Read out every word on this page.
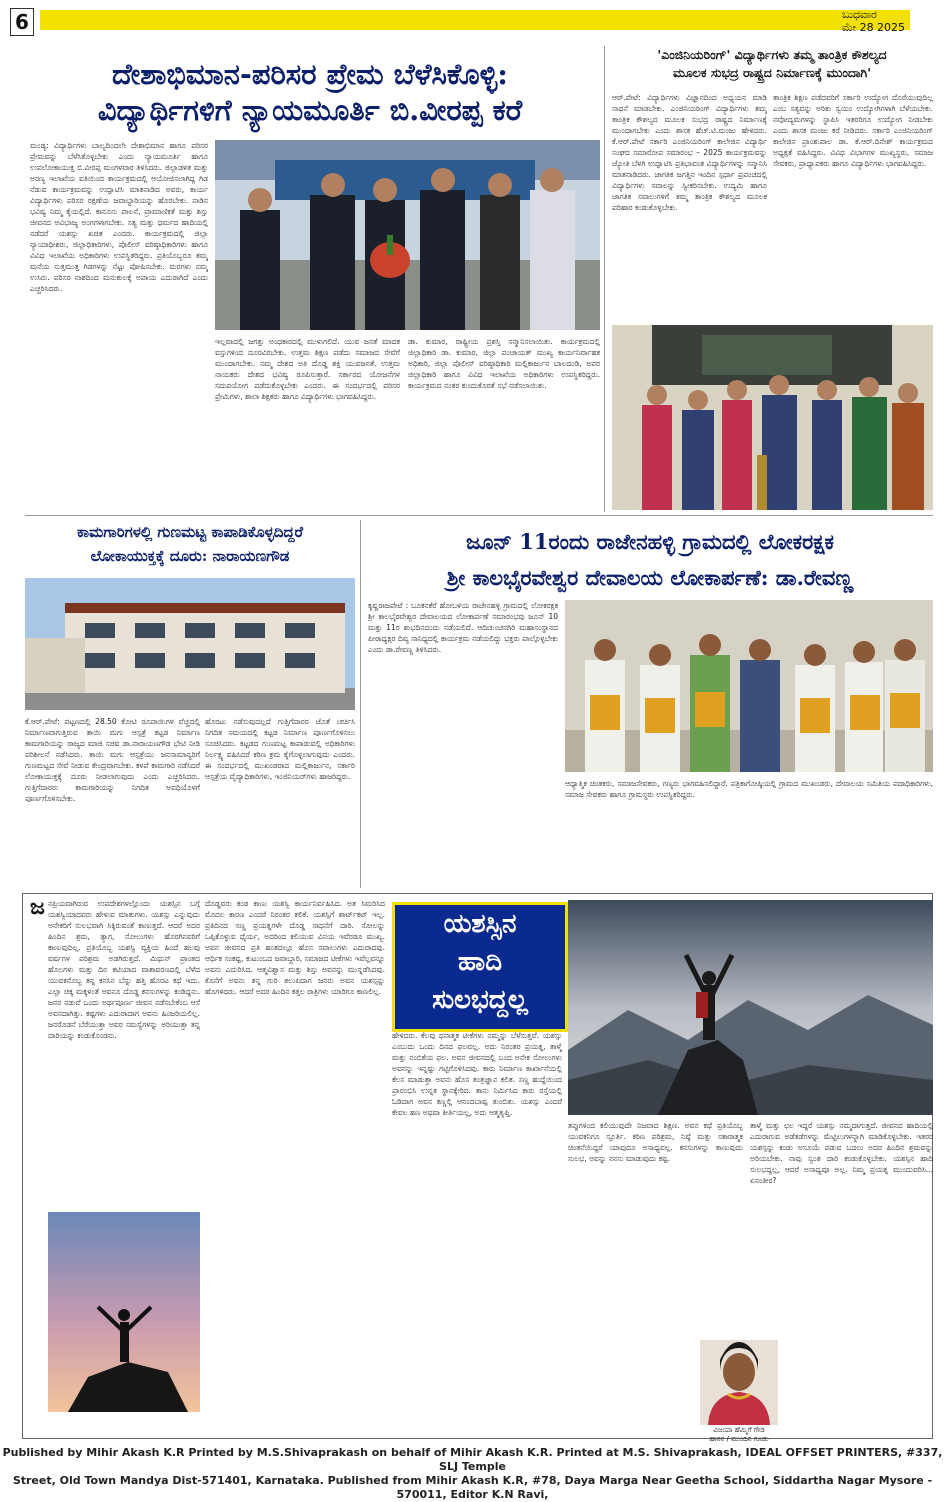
6	ಬುಧವಾರ
ಮೇ 28 2025
ದೇಶಾಭಿಮಾನ-ಪರಿಸರ ಪ್ರೇಮ ಬೆಳೆಸಿಕೊಳ್ಳಿ:
ವಿದ್ಯಾರ್ಥಿಗಳಿಗೆ ನ್ಯಾಯಮೂರ್ತಿ ಬಿ.ವೀರಪ್ಪ ಕರೆ
ಮಂಡ್ಯ: ವಿದ್ಯಾರ್ಥಿಗಳು ಬಾಲ್ಯದಿಂದಲೇ ದೇಶಾಭಿಮಾನ ಹಾಗೂ ಪರಿಸರ ಪ್ರೇಮವನ್ನು ಬೆಳೆಸಿಕೊಳ್ಳಬೇಕು ಎಂದು ನ್ಯಾಯಮೂರ್ತಿ ಹಾಗೂ ಉಪಲೋಕಾಯುಕ್ತ ಬಿ.ವೀರಪ್ಪ ಮಂಗಳವಾರ ತಿಳಿಸಿದರು. ಜಿಲ್ಲಾಡಳಿತ ಮತ್ತು ಅರಣ್ಯ ಇಲಾಖೆಯ ವತಿಯಿಂದ ಕಾರ್ಯಕ್ರಮದಲ್ಲಿ ಆಯೋಜಿಸಲಾಗಿದ್ದ ಗಿಡ ನೆಡುವ ಕಾರ್ಯಕ್ರಮವನ್ನು ಉದ್ಘಾಟಿಸಿ ಮಾತನಾಡಿದ ಅವರು, ಕಾರ್ಯ ವಿದ್ಯಾರ್ಥಿಗಳು ಪರಿಸರ ರಕ್ಷಣೆಯ ಜವಾಬ್ದಾರಿಯನ್ನು ಹೊರಬೇಕು. ನಾಡಿನ ಭವಿಷ್ಯ ನಿಮ್ಮ ಕೈಯಲ್ಲಿದೆ. ಕಾನೂನು ಪಾಲನೆ, ಪ್ರಾಮಾಣಿಕತೆ ಮತ್ತು ಶಿಸ್ತು ಜೀವನದ ಅವಿಭಾಜ್ಯ ಅಂಗಗಳಾಗಬೇಕು. ಸತ್ಯ ಮತ್ತು ಧರ್ಮದ ಹಾದಿಯಲ್ಲಿ ನಡೆದರೆ ಯಶಸ್ಸು ಖಚಿತ ಎಂದರು. ಕಾರ್ಯಕ್ರಮದಲ್ಲಿ ಜಿಲ್ಲಾ ನ್ಯಾಯಾಧೀಶರು, ಜಿಲ್ಲಾಧಿಕಾರಿಗಳು, ಪೊಲೀಸ್ ವರಿಷ್ಠಾಧಿಕಾರಿಗಳು ಹಾಗೂ ವಿವಿಧ ಇಲಾಖೆಯ ಅಧಿಕಾರಿಗಳು ಉಪಸ್ಥಿತರಿದ್ದರು. ಪ್ರತಿಯೊಬ್ಬರೂ ತಮ್ಮ ಮನೆಯ ಸುತ್ತಮುತ್ತ ಗಿಡಗಳನ್ನು ನೆಟ್ಟು ಪೋಷಿಸಬೇಕು. ಮರಗಳು ನಮ್ಮ ಉಸಿರು. ಪರಿಸರ ನಾಶದಿಂದ ಮನುಕುಲಕ್ಕೆ ಅಪಾಯ ಎದುರಾಗಿದೆ ಎಂದು ಎಚ್ಚರಿಸಿದರು.
ಇಲ್ಲವಾದಲ್ಲಿ ಜಗತ್ತು ಅಂಧಕಾರದಲ್ಲಿ ಮುಳುಗಲಿದೆ. ಯುವ ಜನತೆ ಮಾದಕ ವಸ್ತುಗಳಿಂದ ದೂರವಿರಬೇಕು. ಉತ್ತಮ ಶಿಕ್ಷಣ ಪಡೆದು ಸಮಾಜದ ಸೇವೆಗೆ ಮುಂದಾಗಬೇಕು. ನಮ್ಮ ದೇಶದ ಅತಿ ದೊಡ್ಡ ಶಕ್ತಿ ಯುವಜನತೆ. ಉತ್ತಮ ನಾಯಕರು ದೇಶದ ಭವಿಷ್ಯ ರೂಪಿಸುತ್ತಾರೆ. ಸರ್ಕಾರದ ಯೋಜನೆಗಳ ಸದುಪಯೋಗ ಪಡೆದುಕೊಳ್ಳಬೇಕು ಎಂದರು. ಈ ಸಂದರ್ಭದಲ್ಲಿ ಪರಿಸರ ಪ್ರೇಮಿಗಳು, ಶಾಲಾ ಶಿಕ್ಷಕರು ಹಾಗೂ ವಿದ್ಯಾರ್ಥಿಗಳು ಭಾಗವಹಿಸಿದ್ದರು.
ಡಾ. ಕುಮಾರ, ರಾಷ್ಟ್ರೀಯ ಪ್ರಶಸ್ತಿ ಸನ್ಮಾನಿಸಲಾಯಿತು. ಕಾರ್ಯಕ್ರಮದಲ್ಲಿ ಜಿಲ್ಲಾಧಿಕಾರಿ ಡಾ. ಕುಮಾರ, ಜಿಲ್ಲಾ ಪಂಚಾಯತ್ ಮುಖ್ಯ ಕಾರ್ಯನಿರ್ವಾಹಕ ಅಧಿಕಾರಿ, ಜಿಲ್ಲಾ ಪೊಲೀಸ್ ವರಿಷ್ಠಾಧಿಕಾರಿ ಮಲ್ಲಿಕಾರ್ಜುನ ಬಾಲದಂಡಿ, ಅಪರ ಜಿಲ್ಲಾಧಿಕಾರಿ ಹಾಗೂ ವಿವಿಧ ಇಲಾಖೆಯ ಅಧಿಕಾರಿಗಳು ಉಪಸ್ಥಿತರಿದ್ದರು. ಕಾರ್ಯಕ್ರಮದ ನಂತರ ಕುಂದುಕೊರತೆ ಸಭೆ ನಡೆಸಲಾಯಿತು.
'ಎಂಜಿನಿಯರಿಂಗ್' ವಿದ್ಯಾರ್ಥಿಗಳು ತಮ್ಮ ತಾಂತ್ರಿಕ ಕೌಶಲ್ಯದ
ಮೂಲಕ ಸುಭದ್ರ ರಾಷ್ಟ್ರದ ನಿರ್ಮಾಣಕ್ಕೆ ಮುಂದಾಗಿ'
ಆರ್.ಪೇಟೆ: ವಿದ್ಯಾರ್ಥಿಗಳು ವಿಜ್ಞಾನದಿಂದ ಅಧ್ಯಯನ ಮಾಡಿ ಸಾಧನೆ ಮಾಡಬೇಕು. ಎಂಜಿನಿಯರಿಂಗ್ ವಿದ್ಯಾರ್ಥಿಗಳು ತಮ್ಮ ತಾಂತ್ರಿಕ ಕೌಶಲ್ಯದ ಮೂಲಕ ಸುಭದ್ರ ರಾಷ್ಟ್ರದ ನಿರ್ಮಾಣಕ್ಕೆ ಮುಂದಾಗಬೇಕು ಎಂದು ಶಾಸಕ ಹೆಚ್.ಟಿ.ಮಂಜು ಹೇಳಿದರು. ಕೆ.ಆರ್.ಪೇಟೆ ಸರ್ಕಾರಿ ಎಂಜಿನಿಯರಿಂಗ್ ಕಾಲೇಜಿನ ವಿದ್ಯಾರ್ಥಿ ಸಂಘದ ಸಮಾರೋಪ ಸಮಾರಂಭ – 2025 ಕಾರ್ಯಕ್ರಮವನ್ನು ಜ್ಯೋತಿ ಬೆಳಗಿ ಉದ್ಘಾಟಿಸಿ ಪ್ರತಿಭಾವಂತ ವಿದ್ಯಾರ್ಥಿಗಳನ್ನು ಸನ್ಮಾನಿಸಿ ಮಾತನಾಡಿದರು. ಜಾಗತಿಕ ಜಗತ್ತಿನ ಇಂದಿನ ಸ್ಪರ್ಧಾ ಪ್ರಪಂಚದಲ್ಲಿ ವಿದ್ಯಾರ್ಥಿಗಳು ಸವಾಲನ್ನು ಸ್ವೀಕರಿಸಬೇಕು. ಉದ್ಯಮಿ ಹಾಗೂ ಜಾಗತಿಕ ಸವಾಲುಗಳಿಗೆ ತಮ್ಮ ತಾಂತ್ರಿಕ ಕೌಶಲ್ಯದ ಮೂಲಕ ಪರಿಹಾರ ಕಂಡುಕೊಳ್ಳಬೇಕು.
ತಾಂತ್ರಿಕ ಶಿಕ್ಷಣ ಪಡೆದವರಿಗೆ ಸರ್ಕಾರಿ ಉದ್ಯೋಗ ದೊರೆಯುವುದಿಲ್ಲ ಎಂಬ ಸತ್ಯವನ್ನು ಅರಿತು ಸ್ವಯಂ ಉದ್ಯೋಗಿಗಳಾಗಿ ಬೆಳೆಯಬೇಕು. ನವೋದ್ಯಮಗಳನ್ನು ಸ್ಥಾಪಿಸಿ ಇತರರಿಗೂ ಉದ್ಯೋಗ ನೀಡಬೇಕು ಎಂದು ಶಾಸಕ ಮಂಜು ಕರೆ ನೀಡಿದರು. ಸರ್ಕಾರಿ ಎಂಜಿನಿಯರಿಂಗ್ ಕಾಲೇಜಿನ ಪ್ರಾಂಶುಪಾಲ ಡಾ. ಕೆ.ಆರ್.ದಿನೇಶ್ ಕಾರ್ಯಕ್ರಮದ ಅಧ್ಯಕ್ಷತೆ ವಹಿಸಿದ್ದರು. ವಿವಿಧ ವಿಭಾಗಗಳ ಮುಖ್ಯಸ್ಥರು, ಸಮಾಜ ಸೇವಕರು, ಪ್ರಾಧ್ಯಾಪಕರು ಹಾಗೂ ವಿದ್ಯಾರ್ಥಿಗಳು ಭಾಗವಹಿಸಿದ್ದರು.
ಕಾಮಗಾರಿಗಳಲ್ಲಿ ಗುಣಮಟ್ಟ ಕಾಪಾಡಿಕೊಳ್ಳದಿದ್ದರೆ
ಲೋಕಾಯುಕ್ತಕ್ಕೆ ದೂರು: ನಾರಾಯಣಗೌಡ
ಕೆ.ಆರ್.ಪೇಟೆ: ಪಟ್ಟಣದಲ್ಲಿ 28.50 ಕೋಟಿ ರೂಪಾಯಿಗಳ ವೆಚ್ಚದಲ್ಲಿ ನಿರ್ಮಾಣವಾಗುತ್ತಿರುವ ತಾಯಿ ಮಗು ಆಸ್ಪತ್ರೆ ಕಟ್ಟಡ ನಿರ್ಮಾಣ ಕಾಮಗಾರಿಯನ್ನು ರಾಜ್ಯದ ಮಾಜಿ ಸಚಿವ ಡಾ.ನಾರಾಯಣಗೌಡ ಭೇಟಿ ನೀಡಿ ಪರಿಶೀಲನೆ ನಡೆಸಿದರು. ತಾಯಿ ಮಗು ಆಸ್ಪತ್ರೆಯು ಜನಸಾಮಾನ್ಯರಿಗೆ ಗುಣಮಟ್ಟದ ಸೇವೆ ನೀಡುವ ಕೇಂದ್ರವಾಗಬೇಕು. ಕಳಪೆ ಕಾಮಗಾರಿ ನಡೆಸಿದರೆ ಲೋಕಾಯುಕ್ತಕ್ಕೆ ದೂರು ನೀಡಲಾಗುವುದು ಎಂದು ಎಚ್ಚರಿಸಿದರು. ಗುತ್ತಿಗೆದಾರರು ಕಾಮಗಾರಿಯನ್ನು ನಿಗದಿತ ಅವಧಿಯೊಳಗೆ ಪೂರ್ಣಗೊಳಿಸಬೇಕು.
ಹೊರಟು ನಡೆಸುವುದಲ್ಲದೆ ಗುತ್ತಿಗೆದಾರರ ಜೊತೆ ಚರ್ಚಿಸಿ ನಿಗದಿತ ಸಮಯದಲ್ಲಿ ಕಟ್ಟಡ ನಿರ್ಮಾಣ ಪೂರ್ಣಗೊಳಿಸಲು ಸೂಚಿಸಿದರು. ಕಟ್ಟಡದ ಗುಣಮಟ್ಟ ಕಾಪಾಡುವಲ್ಲಿ ಅಧಿಕಾರಿಗಳು ನಿರ್ಲಕ್ಷ್ಯ ವಹಿಸಿದರೆ ಕಠಿಣ ಕ್ರಮ ಕೈಗೊಳ್ಳಲಾಗುವುದು ಎಂದರು. ಈ ಸಂದರ್ಭದಲ್ಲಿ ಮುಖಂಡರಾದ ಮಲ್ಲಿಕಾರ್ಜುನ, ಸರ್ಕಾರಿ ಆಸ್ಪತ್ರೆಯ ವೈದ್ಯಾಧಿಕಾರಿಗಳು, ಇಂಜಿನಿಯರ್‌ಗಳು ಹಾಜರಿದ್ದರು.
ಜೂನ್ 11ರಂದು ರಾಜೇನಹಳ್ಳಿ ಗ್ರಾಮದಲ್ಲಿ ಲೋಕರಕ್ಷಕ
ಶ್ರೀ ಕಾಲಭೈರವೇಶ್ವರ ದೇವಾಲಯ ಲೋಕಾರ್ಪಣೆ: ಡಾ.ರೇವಣ್ಣ
ಕೃಷ್ಣರಾಜಪೇಟೆ : ಬೂಕನಕೆರೆ ಹೋಬಳಿಯ ರಾಜೇನಹಳ್ಳಿ ಗ್ರಾಮದಲ್ಲಿ ಲೋಕರಕ್ಷಕ ಶ್ರೀ ಕಾಲಭೈರವೇಶ್ವರ ದೇವಾಲಯದ ಲೋಕಾರ್ಪಣೆ ಸಮಾರಂಭವು ಜೂನ್ 10 ಮತ್ತು 11ರ ಶುಭದಿನದಂದು ನಡೆಯಲಿದೆ. ಆದಿಚುಂಚನಗಿರಿ ಮಹಾಸಂಸ್ಥಾನದ ಪೀಠಾಧ್ಯಕ್ಷರ ದಿವ್ಯ ಸಾನಿಧ್ಯದಲ್ಲಿ ಕಾರ್ಯಕ್ರಮ ನಡೆಯಲಿದ್ದು ಭಕ್ತರು ಪಾಲ್ಗೊಳ್ಳಬೇಕು ಎಂದು ಡಾ.ರೇವಣ್ಣ ತಿಳಿಸಿದರು.
ಆಧ್ಯಾತ್ಮಿಕ ಚಿಂತಕರು, ಸಮಾಜಸೇವಕರು, ಗಣ್ಯರು ಭಾಗವಹಿಸಲಿದ್ದಾರೆ. ಪತ್ರಿಕಾಗೋಷ್ಠಿಯಲ್ಲಿ ಗ್ರಾಮದ ಮುಖಂಡರು, ದೇವಾಲಯ ಸಮಿತಿಯ ಪದಾಧಿಕಾರಿಗಳು, ಸಮಾಜ ಸೇವಕರು ಹಾಗೂ ಗ್ರಾಮಸ್ಥರು ಉಪಸ್ಥಿತರಿದ್ದರು.
ಜ ನಪ್ರಿಯವಾಗಿರುವ ಉಪದೇಶಗಳಲ್ಲೊಂದು ಯಶಸ್ಸಿನ ಬಗ್ಗೆ ಯಶಸ್ವಿಯಾದವರು ಹೇಳುವ ಮಾತುಗಳು. ಯಶಸ್ಸು ಎನ್ನುವುದು ಅನೇಕರಿಗೆ ಸುಲಭವಾಗಿ ಸಿಕ್ಕಿರುವಂತೆ ಕಾಣುತ್ತದೆ. ಆದರೆ ಅದರ ಹಿಂದಿನ ಶ್ರಮ, ತ್ಯಾಗ, ಸೋಲುಗಳು ಹೊರಗಿನವರಿಗೆ ಕಾಣುವುದಿಲ್ಲ. ಪ್ರತಿಯೊಬ್ಬ ಯಶಸ್ವಿ ವ್ಯಕ್ತಿಯ ಹಿಂದೆ ಹಲವು ವರ್ಷಗಳ ಪರಿಶ್ರಮ ಅಡಗಿರುತ್ತದೆ. ಮಿಥುನ್ ಪ್ರಾಂತದ ಹೊಲಗಳು ಮತ್ತು ದಿನ ಕಟಿಯಾದ ವಾತಾವರಣದಲ್ಲಿ ಬೆಳೆದ ಯುವಕನೊಬ್ಬ ತನ್ನ ಕನಸಿನ ಬೆನ್ನು ಹತ್ತಿ ಹೊರಟ ಕಥೆ ಇದು. ಎಲ್ಲಾ ಚಿಕ್ಕ ಮಕ್ಕಳಂತೆ ಅವನೂ ದೊಡ್ಡ ಕನಸುಗಳನ್ನು ಕಂಡಿದ್ದನು. ಜನರ ನಡುವೆ ಒಂದು ಅರ್ಥಪೂರ್ಣ ಜೀವನ ನಡೆಸಬೇಕೆಂಬ ಆಸೆ ಅವನದಾಗಿತ್ತು. ಕಷ್ಟಗಳು ಎದುರಾದಾಗ ಅವನು ಹಿಂಜರಿಯಲಿಲ್ಲ. ಜನರೊಡನೆ ಬೆರೆಯುತ್ತಾ ಅವರ ಸಮಸ್ಯೆಗಳನ್ನು ಅರಿಯುತ್ತಾ ತನ್ನ ದಾರಿಯನ್ನು ಕಂಡುಕೊಂಡನು.
ದೊಡ್ಡವರು ಕಂಡ ಕಾಣು ಯಶಸ್ವಿ ಕಾರ್ಯನಿರ್ವಹಿಸಿದ. ಅತ ಸಿಮರಿಸಿದ ಮೊದಲ ಕಾರಣ ಎಂದರೆ ನಿರಂತರ ಕಲಿಕೆ. ಯಶಸ್ಸಿಗೆ ಶಾರ್ಟ್‌ಕಟ್ ಇಲ್ಲ. ಪ್ರತಿದಿನದ ಸಣ್ಣ ಪ್ರಯತ್ನಗಳೇ ದೊಡ್ಡ ಸಾಧನೆಗೆ ದಾರಿ. ಸೋಲನ್ನು ಒಪ್ಪಿಕೊಳ್ಳುವ ಧೈರ್ಯ, ಅದರಿಂದ ಕಲಿಯುವ ವಿನಯ ಇವೆರಡೂ ಮುಖ್ಯ. ಅವನ ಜೀವನದ ಪ್ರತಿ ಹಂತದಲ್ಲೂ ಹೊಸ ಸವಾಲುಗಳು ಎದುರಾದವು. ಆರ್ಥಿಕ ಸಂಕಷ್ಟ, ಕುಟುಂಬದ ಜವಾಬ್ದಾರಿ, ಸಮಾಜದ ಟೀಕೆಗಳು ಇವೆಲ್ಲವನ್ನೂ ಅವನು ಎದುರಿಸಿದ. ಆತ್ಮವಿಶ್ವಾಸ ಮತ್ತು ಶಿಸ್ತು ಅವನನ್ನು ಮುನ್ನಡೆಸಿದವು. ಕೊನೆಗೆ ಅವನು ತನ್ನ ಗುರಿ ತಲುಪಿದಾಗ ಜನರು ಅವನ ಯಶಸ್ಸನ್ನು ಹೊಗಳಿದರು. ಆದರೆ ಅದರ ಹಿಂದಿನ ಕತ್ತಲ ರಾತ್ರಿಗಳು ಯಾರಿಗೂ ಕಾಣಲಿಲ್ಲ.
ಯಶಸ್ಸಿನ
ಹಾದಿ
ಸುಲಭದ್ದಲ್ಲ
ಹೇಳಿದರು. ಕೆಲವು ಧನಾತ್ಮಕ ಟೀಕೆಗಳು ನಮ್ಮನ್ನು ಬೆಳೆಸುತ್ತವೆ. ಯಶಸ್ಸು ಎಂಬುದು ಒಂದು ದಿನದ ಫಲವಲ್ಲ. ಅದು ನಿರಂತರ ಪ್ರಯತ್ನ, ತಾಳ್ಮೆ ಮತ್ತು ನಂಬಿಕೆಯ ಫಲ. ಅವನ ಜೀವನದಲ್ಲಿ ಬಂದ ಅನೇಕ ಸೋಲುಗಳು ಅವನನ್ನು ಇನ್ನಷ್ಟು ಗಟ್ಟಿಗೊಳಿಸಿದವು. ಕಾರು ನಿರ್ಮಾಣ ಕಾರ್ಖಾನೆಯಲ್ಲಿ ಕೆಲಸ ಮಾಡುತ್ತಾ ಅವನು ಹೊಸ ತಂತ್ರಜ್ಞಾನ ಕಲಿತ. ಸಣ್ಣ ಹುದ್ದೆಯಿಂದ ಪ್ರಾರಂಭಿಸಿ ಉನ್ನತ ಸ್ಥಾನಕ್ಕೇರಿದ. ತಾನು ನಿರ್ಮಿಸಿದ ಕಾರು ರಸ್ತೆಯಲ್ಲಿ ಓಡಿದಾಗ ಅವನ ಕಣ್ಣಲ್ಲಿ ಆನಂದಬಾಷ್ಪ ತುಂಬಿತು. ಯಶಸ್ಸು ಎಂದರೆ ಕೇವಲ ಹಣ ಅಥವಾ ಕೀರ್ತಿಯಲ್ಲ, ಅದು ಆತ್ಮತೃಪ್ತಿ.
ತಪ್ಪುಗಳಿಂದ ಕಲಿಯುವುದೇ ನಿಜವಾದ ಶಿಕ್ಷಣ. ಅವನ ಕಥೆ ಪ್ರತಿಯೊಬ್ಬ ಯುವಕನಿಗೂ ಸ್ಫೂರ್ತಿ. ಕಠಿಣ ಪರಿಶ್ರಮ, ನಿಷ್ಠೆ ಮತ್ತು ಸಕಾರಾತ್ಮಕ ಚಿಂತನೆಯಿದ್ದರೆ ಯಾವುದೂ ಅಸಾಧ್ಯವಲ್ಲ. ಕನಸುಗಳನ್ನು ಕಾಣುವುದು ಸುಲಭ, ಅವನ್ನು ನನಸು ಮಾಡುವುದು ಕಷ್ಟ.
ತಾಳ್ಮೆ ಮತ್ತು ಛಲ ಇದ್ದರೆ ಯಶಸ್ಸು ನಮ್ಮದಾಗುತ್ತದೆ. ಜೀವನದ ಹಾದಿಯಲ್ಲಿ ಎದುರಾಗುವ ಅಡೆತಡೆಗಳನ್ನು ಮೆಟ್ಟಿಲುಗಳನ್ನಾಗಿ ಮಾಡಿಕೊಳ್ಳಬೇಕು. ಇತರರ ಯಶಸ್ಸನ್ನು ಕಂಡು ಅಸೂಯೆ ಪಡುವ ಬದಲು ಅದರ ಹಿಂದಿನ ಶ್ರಮವನ್ನು ಅರಿಯಬೇಕು. ನಾವು ಸ್ವಂತ ದಾರಿ ಕಂಡುಕೊಳ್ಳಬೇಕು. ಯಶಸ್ಸಿನ ಹಾದಿ ಸುಲಭದ್ದಲ್ಲ, ಆದರೆ ಅಸಾಧ್ಯವೂ ಅಲ್ಲ. ನಿಮ್ಮ ಪ್ರಯತ್ನ ಮುಂದುವರಿಸಿ... ಏನಂತೀರ?
ವಿಜಯಾ ಹೆಮ್ಮಿಗೆ ಗೌಡ
ಹಾಸನ / ಮುಂದಿನ ಗೂಡು
Published by Mihir Akash K.R Printed by M.S.Shivaprakash on behalf of Mihir Akash K.R. Printed at M.S. Shivaprakash, IDEAL OFFSET PRINTERS, #337, SLJ Temple
Street, Old Town Mandya Dist-571401, Karnataka. Published from Mihir Akash K.R, #78, Daya Marga Near Geetha School, Siddartha Nagar Mysore - 570011, Editor K.N Ravi,
